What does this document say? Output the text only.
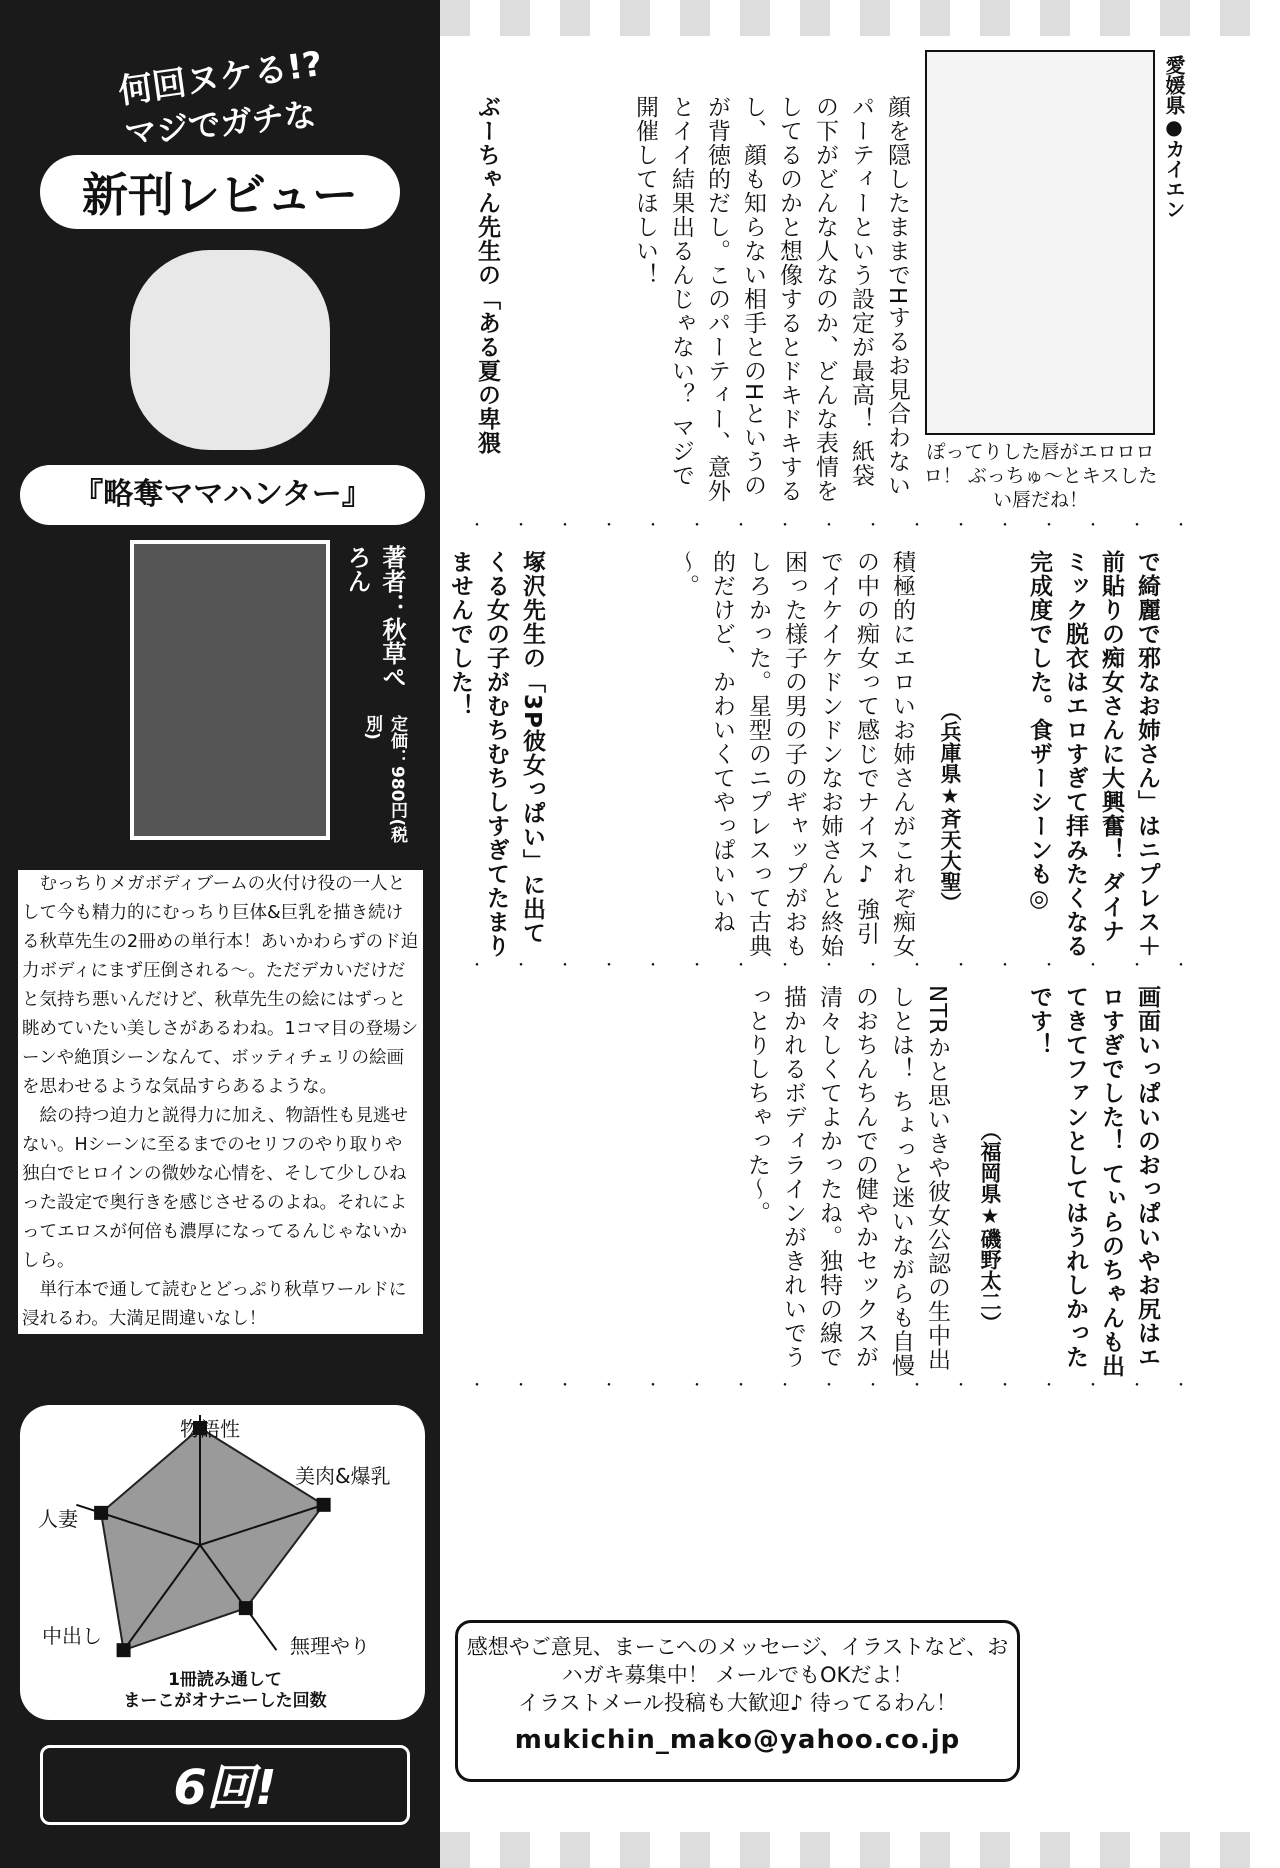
何回ヌケる!?
マジでガチな
新刊レビュー
『略奪ママハンター』
著者：秋草ぺろん
定価：980円(税別)

むっちりメガボディブームの火付け役の一人として今も精力的にむっちり巨体&巨乳を描き続ける秋草先生の2冊めの単行本！あいかわらずのド迫力ボディにまず圧倒される～。ただデカいだけだと気持ち悪いんだけど、秋草先生の絵にはずっと眺めていたい美しさがあるわね。1コマ目の登場シーンや絶頂シーンなんて、ボッティチェリの絵画を思わせるような気品すらあるような。

絵の持つ迫力と説得力に加え、物語性も見逃せない。Hシーンに至るまでのセリフのやり取りや独白でヒロインの微妙な心情を、そして少しひねった設定で奥行きを感じさせるのよね。それによってエロスが何倍も濃厚になってるんじゃないかしら。

単行本で通して読むとどっぷり秋草ワールドに浸れるわ。大満足間違いなし！

物語性
美肉&爆乳
無理やり
中出し
人妻
1冊読み通して
まーこがオナニーした回数
6回!
愛媛県●カイエン
ぽってりした唇がエロロロロ！ ぶっちゅ～とキスしたい唇だね！
顔を隠したままでHするお見合わないパーティーという設定が最高！ 紙袋の下がどんな人なのか、どんな表情をしてるのかと想像するとドキドキするし、顔も知らない相手とのHというのが背徳的だし。このパーティー、意外とイイ結果出るんじゃない？ マジで開催してほしい！
ぶーちゃん先生の「ある夏の卑猥
・・・・・・・・・・・・・・・・・
で綺麗で邪なお姉さん」はニプレス＋前貼りの痴女さんに大興奮！ ダイナミック脱衣はエロすぎて拝みたくなる完成度でした。食ザーシーンも◎
（兵庫県★斉天大聖）
積極的にエロいお姉さんがこれぞ痴女の中の痴女って感じでナイス♪ 強引でイケイケドンドンなお姉さんと終始困った様子の男の子のギャップがおもしろかった。星型のニプレスって古典的だけど、かわいくてやっぱいいね～。
塚沢先生の「3P彼女っぱい」に出てくる女の子がむちむちしすぎてたまりませんでした！
・・・・・・・・・・・・・・・・・
画面いっぱいのおっぱいやお尻はエロすぎでした！ てぃらのちゃんも出てきてファンとしてはうれしかったです！
（福岡県★磯野太二）
NTRかと思いきや彼女公認の生中出しとは！ ちょっと迷いながらも自慢のおちんちんでの健やかセックスが清々しくてよかったね。独特の線で描かれるボディラインがきれいでうっとりしちゃった～。
・・・・・・・・・・・・・・・・・
感想やご意見、まーこへのメッセージ、イラストなど、おハガキ募集中！ メールでもOKだよ！
イラストメール投稿も大歓迎♪ 待ってるわん！
mukichin_mako@yahoo.co.jp
